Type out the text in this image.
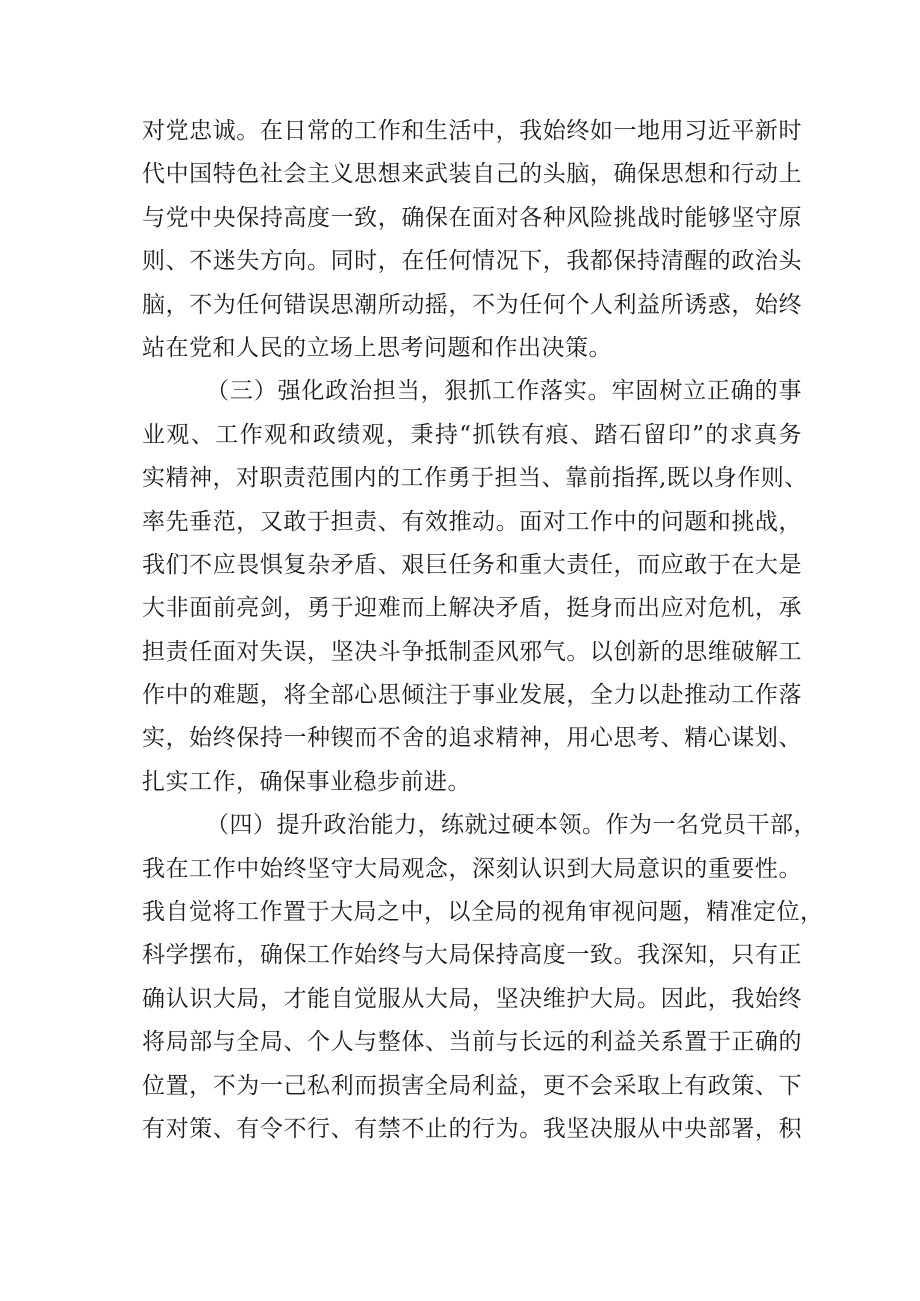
对党忠诚。在日常的工作和生活中，我始终如一地用习近平新时
代中国特色社会主义思想来武装自己的头脑，确保思想和行动上
与党中央保持高度一致，确保在面对各种风险挑战时能够坚守原
则、不迷失方向。同时，在任何情况下，我都保持清醒的政治头
脑，不为任何错误思潮所动摇，不为任何个人利益所诱惑，始终
站在党和人民的立场上思考问题和作出决策。
（三）强化政治担当，狠抓工作落实。牢固树立正确的事
业观、工作观和政绩观，秉持“抓铁有痕、踏石留印”的求真务
实精神，对职责范围内的工作勇于担当、靠前指挥,既以身作则、
率先垂范，又敢于担责、有效推动。面对工作中的问题和挑战，
我们不应畏惧复杂矛盾、艰巨任务和重大责任，而应敢于在大是
大非面前亮剑，勇于迎难而上解决矛盾，挺身而出应对危机，承
担责任面对失误，坚决斗争抵制歪风邪气。以创新的思维破解工
作中的难题，将全部心思倾注于事业发展，全力以赴推动工作落
实，始终保持一种锲而不舍的追求精神，用心思考、精心谋划、
扎实工作，确保事业稳步前进。
（四）提升政治能力，练就过硬本领。作为一名党员干部，
我在工作中始终坚守大局观念，深刻认识到大局意识的重要性。
我自觉将工作置于大局之中，以全局的视角审视问题，精准定位，
科学摆布，确保工作始终与大局保持高度一致。我深知，只有正
确认识大局，才能自觉服从大局，坚决维护大局。因此，我始终
将局部与全局、个人与整体、当前与长远的利益关系置于正确的
位置，不为一己私利而损害全局利益，更不会采取上有政策、下
有对策、有令不行、有禁不止的行为。我坚决服从中央部署，积
